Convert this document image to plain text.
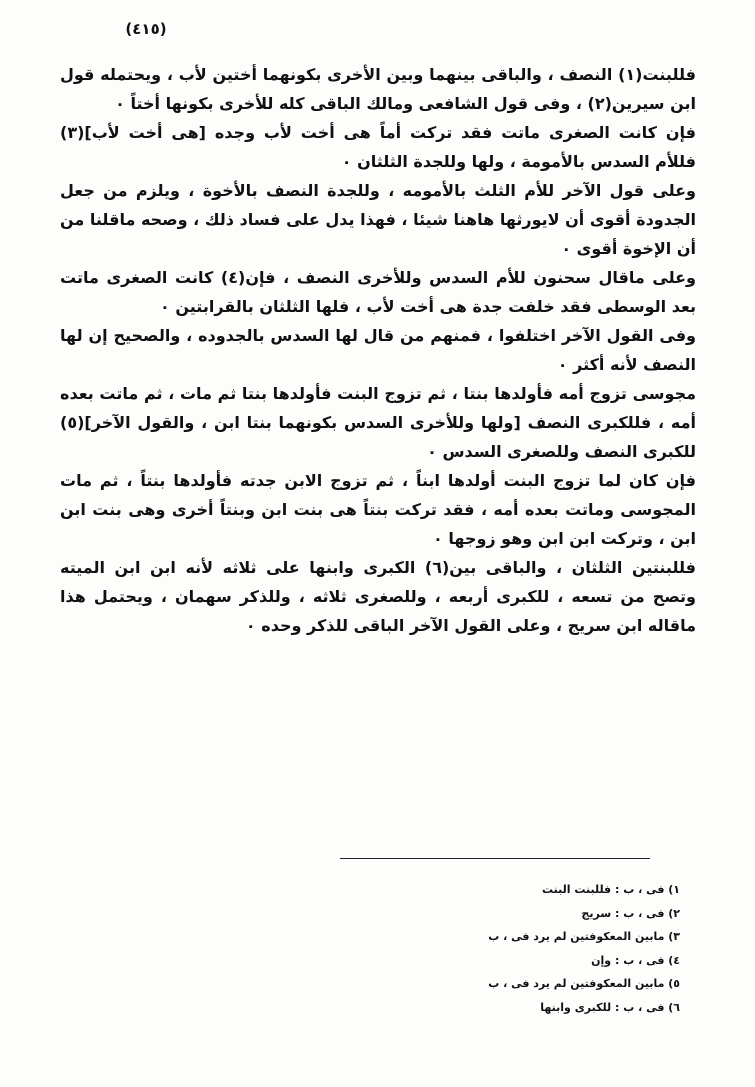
(٤١٥)

فللبنت(١) النصف ، والباقى بينهما وبين الأخرى بكونهما أختين لأب ، ويحتمله قول ابن سيرين(٢) ، وفى قول الشافعى ومالك الباقى كله للأخرى بكونها أختاً ٠

فإن كانت الصغرى ماتت فقد تركت أماً هى أخت لأب وجده [هى أخت لأب](٣) فللأم السدس بالأمومة ، ولها وللجدة الثلثان ٠

وعلى قول الآخر للأم الثلث بالأمومه ، وللجدة النصف بالأخوة ، ويلزم من جعل الجدودة أقوى أن لايورثها هاهنا شيئا ، فهذا يدل على فساد ذلك ، وصحه ماقلنا من أن الإخوة أقوى ٠

وعلى ماقال سحنون للأم السدس وللأخرى النصف ، فإن(٤) كانت الصغرى ماتت بعد الوسطى فقد خلفت جدة هى أخت لأب ، فلها الثلثان بالقرابتين ٠

وفى القول الآخر اختلفوا ، فمنهم من قال لها السدس بالجدوده ، والصحيح إن لها النصف لأنه أكثر ٠

مجوسى تزوج أمه فأولدها بنتا ، ثم تزوج البنت فأولدها بنتا ثم مات ، ثم ماتت بعده أمه ، فللكبرى النصف [ولها وللأخرى السدس بكونهما بنتا ابن ، والقول الآخر](٥) للكبرى النصف وللصغرى السدس ٠

فإن كان لما تزوج البنت أولدها ابناً ، ثم تزوج الابن جدته فأولدها بنتاً ، ثم مات المجوسى وماتت بعده أمه ، فقد تركت بنتاً هى بنت ابن وبنتاً أخرى وهى بنت ابن ابن ، وتركت ابن ابن وهو زوجها ٠

فللبنتين الثلثان ، والباقى بين(٦) الكبرى وابنها على ثلاثه لأنه ابن ابن الميته وتصح من تسعه ، للكبرى أربعه ، وللصغرى ثلاثه ، وللذكر سهمان ، ويحتمل هذا ماقاله ابن سريج ، وعلى القول الآخر الباقى للذكر وحده ٠

١) فى ، ب : فللبنت البنت
٢) فى ، ب : سريج
٣) مابين المعكوفتين لم يرد فى ، ب
٤) فى ، ب : وإن
٥) مابين المعكوفتين لم يرد فى ، ب
٦) فى ، ب : للكبرى وابنها
